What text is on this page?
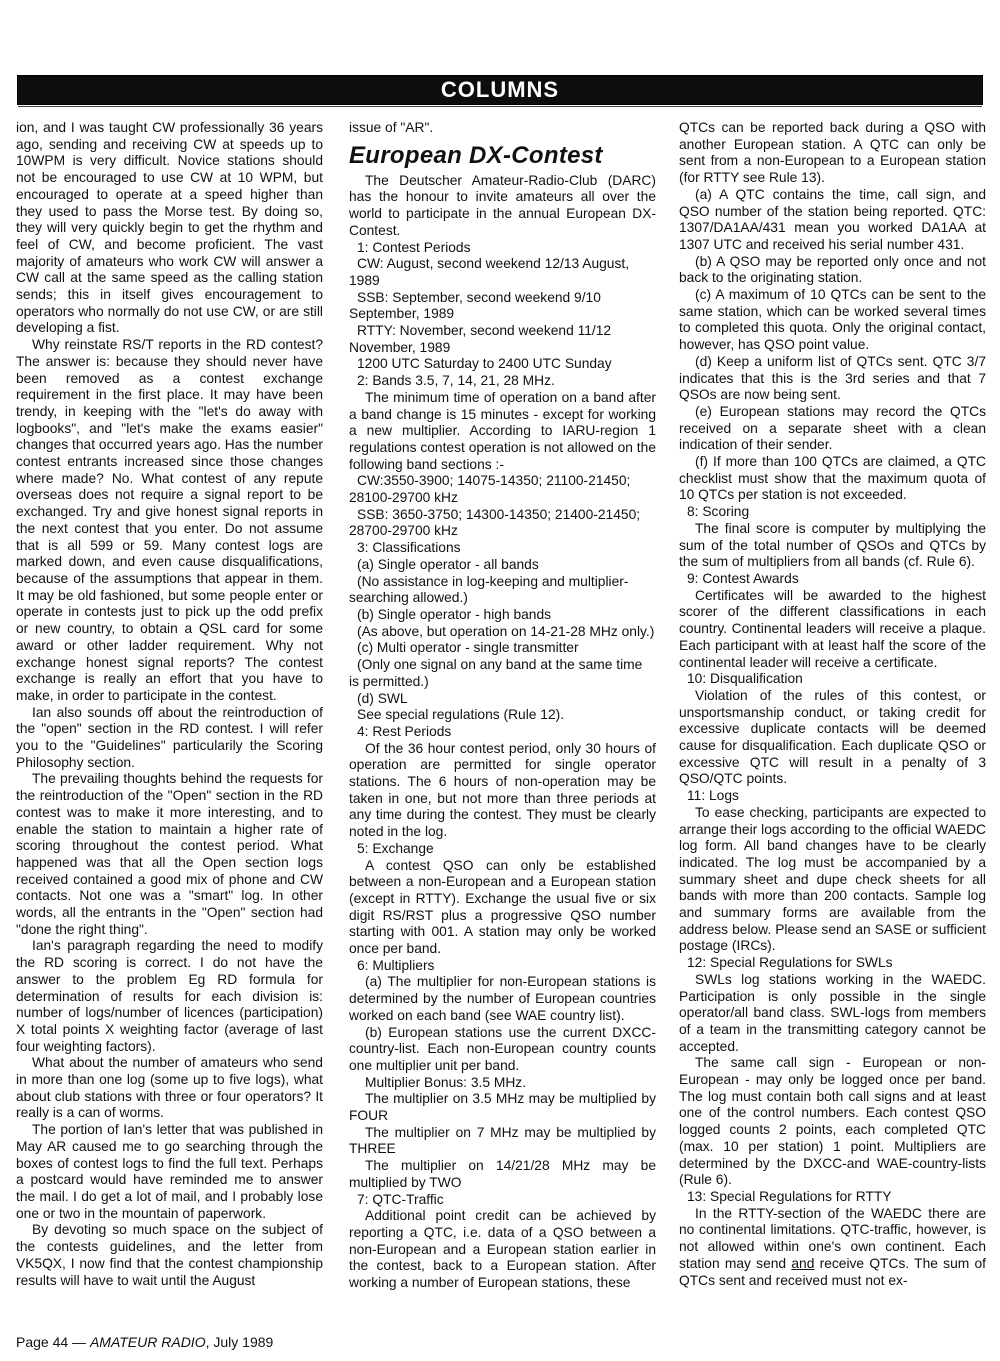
COLUMNS

ion, and I was taught CW professionally 36 years ago, sending and receiving CW at speeds up to 10WPM is very difficult. Novice stations should not be encouraged to use CW at 10 WPM, but encouraged to operate at a speed higher than they used to pass the Morse test. By doing so, they will very quickly begin to get the rhythm and feel of CW, and become proficient. The vast majority of amateurs who work CW will answer a CW call at the same speed as the calling station sends; this in itself gives encouragement to operators who normally do not use CW, or are still developing a fist.

Why reinstate RS/T reports in the RD contest? The answer is: because they should never have been removed as a contest exchange requirement in the first place. It may have been trendy, in keeping with the "let's do away with logbooks", and "let's make the exams easier" changes that occurred years ago. Has the number contest entrants increased since those changes where made? No. What contest of any repute overseas does not require a signal report to be exchanged. Try and give honest signal reports in the next contest that you enter. Do not assume that is all 599 or 59. Many contest logs are marked down, and even cause disqualifications, because of the assumptions that appear in them. It may be old fashioned, but some people enter or operate in contests just to pick up the odd prefix or new country, to obtain a QSL card for some award or other ladder requirement. Why not exchange honest signal reports? The contest exchange is really an effort that you have to make, in order to participate in the contest.

Ian also sounds off about the reintroduction of the "open" section in the RD contest. I will refer you to the "Guidelines" particularily the Scoring Philosophy section.

The prevailing thoughts behind the requests for the reintroduction of the "Open" section in the RD contest was to make it more interesting, and to enable the station to maintain a higher rate of scoring throughout the contest period. What happened was that all the Open section logs received contained a good mix of phone and CW contacts. Not one was a "smart" log. In other words, all the entrants in the "Open" section had "done the right thing".

Ian's paragraph regarding the need to modify the RD scoring is correct. I do not have the answer to the problem Eg RD formula for determination of results for each division is: number of logs/number of licences (participation) X total points X weighting factor (average of last four weighting factors).

What about the number of amateurs who send in more than one log (some up to five logs), what about club stations with three or four operators? It really is a can of worms.

The portion of Ian's letter that was published in May AR caused me to go searching through the boxes of contest logs to find the full text. Perhaps a postcard would have reminded me to answer the mail. I do get a lot of mail, and I probably lose one or two in the mountain of paperwork.

By devoting so much space on the subject of the contests guidelines, and the letter from VK5QX, I now find that the contest championship results will have to wait until the August

issue of "AR".

European DX-Contest

The Deutscher Amateur-Radio-Club (DARC) has the honour to invite amateurs all over the world to participate in the annual European DX-Contest.

1: Contest Periods

CW: August, second weekend 12/13 August, 1989

SSB: September, second weekend 9/10 September, 1989

RTTY: November, second weekend 11/12 November, 1989

1200 UTC Saturday to 2400 UTC Sunday

2: Bands 3.5, 7, 14, 21, 28 MHz.

The minimum time of operation on a band after a band change is 15 minutes - except for working a new multiplier. According to IARU-region 1 regulations contest operation is not allowed on the following band sections :-

CW:3550-3900; 14075-14350; 21100-21450; 28100-29700 kHz

SSB: 3650-3750; 14300-14350; 21400-21450; 28700-29700 kHz

3: Classifications

(a) Single operator - all bands

(No assistance in log-keeping and multiplier-searching allowed.)

(b) Single operator - high bands

(As above, but operation on 14-21-28 MHz only.)

(c) Multi operator - single transmitter

(Only one signal on any band at the same time is permitted.)

(d) SWL

See special regulations (Rule 12).

4: Rest Periods

Of the 36 hour contest period, only 30 hours of operation are permitted for single operator stations. The 6 hours of non-operation may be taken in one, but not more than three periods at any time during the contest. They must be clearly noted in the log.

5: Exchange

A contest QSO can only be established between a non-European and a European station (except in RTTY). Exchange the usual five or six digit RS/RST plus a progressive QSO number starting with 001. A station may only be worked once per band.

6: Multipliers

(a) The multiplier for non-European stations is determined by the number of European countries worked on each band (see WAE country list).

(b) European stations use the current DXCC-country-list. Each non-European country counts one multiplier unit per band.

Multiplier Bonus: 3.5 MHz.

The multiplier on 3.5 MHz may be multiplied by FOUR

The multiplier on 7 MHz may be multiplied by THREE

The multiplier on 14/21/28 MHz may be multiplied by TWO

7: QTC-Traffic

Additional point credit can be achieved by reporting a QTC, i.e. data of a QSO between a non-European and a European station earlier in the contest, back to a European station. After working a number of European stations, these

QTCs can be reported back during a QSO with another European station. A QTC can only be sent from a non-European to a European station (for RTTY see Rule 13).

(a) A QTC contains the time, call sign, and QSO number of the station being reported. QTC: 1307/DA1AA/431 mean you worked DA1AA at 1307 UTC and received his serial number 431.

(b) A QSO may be reported only once and not back to the originating station.

(c) A maximum of 10 QTCs can be sent to the same station, which can be worked several times to completed this quota. Only the original contact, however, has QSO point value.

(d) Keep a uniform list of QTCs sent. QTC 3/7 indicates that this is the 3rd series and that 7 QSOs are now being sent.

(e) European stations may record the QTCs received on a separate sheet with a clean indication of their sender.

(f) If more than 100 QTCs are claimed, a QTC checklist must show that the maximum quota of 10 QTCs per station is not exceeded.

8: Scoring

The final score is computer by multiplying the sum of the total number of QSOs and QTCs by the sum of multipliers from all bands (cf. Rule 6).

9: Contest Awards

Certificates will be awarded to the highest scorer of the different classifications in each country. Continental leaders will receive a plaque. Each participant with at least half the score of the continental leader will receive a certificate.

10: Disqualification

Violation of the rules of this contest, or unsportsmanship conduct, or taking credit for excessive duplicate contacts will be deemed cause for disqualification. Each duplicate QSO or excessive QTC will result in a penalty of 3 QSO/QTC points.

11: Logs

To ease checking, participants are expected to arrange their logs according to the official WAEDC log form. All band changes have to be clearly indicated. The log must be accompanied by a summary sheet and dupe check sheets for all bands with more than 200 contacts. Sample log and summary forms are available from the address below. Please send an SASE or sufficient postage (IRCs).

12: Special Regulations for SWLs

SWLs log stations working in the WAEDC. Participation is only possible in the single operator/all band class. SWL-logs from members of a team in the transmitting category cannot be accepted.

The same call sign - European or non-European - may only be logged once per band. The log must contain both call signs and at least one of the control numbers. Each contest QSO logged counts 2 points, each completed QTC (max. 10 per station) 1 point. Multipliers are determined by the DXCC-and WAE-country-lists (Rule 6).

13: Special Regulations for RTTY

In the RTTY-section of the WAEDC there are no continental limitations. QTC-traffic, however, is not allowed within one's own continent. Each station may send and receive QTCs. The sum of QTCs sent and received must not ex-

Page 44 — AMATEUR RADIO, July 1989
